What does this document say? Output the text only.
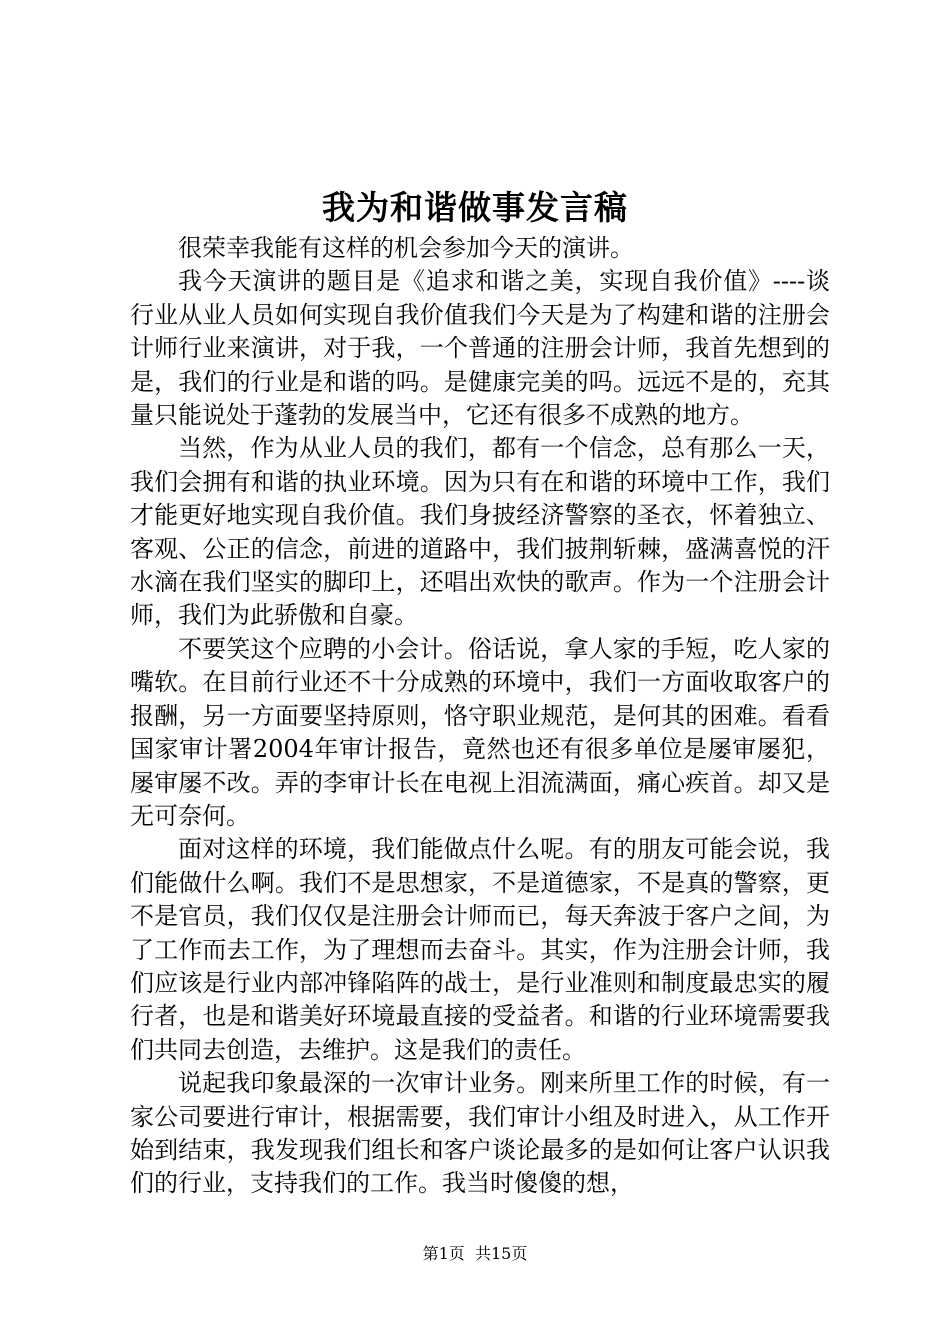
我为和谐做事发言稿

很荣幸我能有这样的机会参加今天的演讲。

我今天演讲的题目是《追求和谐之美，实现自我价值》----谈行业从业人员如何实现自我价值我们今天是为了构建和谐的注册会计师行业来演讲，对于我，一个普通的注册会计师，我首先想到的是，我们的行业是和谐的吗。是健康完美的吗。远远不是的，充其量只能说处于蓬勃的发展当中，它还有很多不成熟的地方。

当然，作为从业人员的我们，都有一个信念，总有那么一天，我们会拥有和谐的执业环境。因为只有在和谐的环境中工作，我们才能更好地实现自我价值。我们身披经济警察的圣衣，怀着独立、客观、公正的信念，前进的道路中，我们披荆斩棘，盛满喜悦的汗水滴在我们坚实的脚印上，还唱出欢快的歌声。作为一个注册会计师，我们为此骄傲和自豪。

不要笑这个应聘的小会计。俗话说，拿人家的手短，吃人家的嘴软。在目前行业还不十分成熟的环境中，我们一方面收取客户的报酬，另一方面要坚持原则，恪守职业规范，是何其的困难。看看国家审计署2004年审计报告，竟然也还有很多单位是屡审屡犯，屡审屡不改。弄的李审计长在电视上泪流满面，痛心疾首。却又是无可奈何。

面对这样的环境，我们能做点什么呢。有的朋友可能会说，我们能做什么啊。我们不是思想家，不是道德家，不是真的警察，更不是官员，我们仅仅是注册会计师而已，每天奔波于客户之间，为了工作而去工作，为了理想而去奋斗。其实，作为注册会计师，我们应该是行业内部冲锋陷阵的战士，是行业准则和制度最忠实的履行者，也是和谐美好环境最直接的受益者。和谐的行业环境需要我们共同去创造，去维护。这是我们的责任。

说起我印象最深的一次审计业务。刚来所里工作的时候，有一家公司要进行审计，根据需要，我们审计小组及时进入，从工作开始到结束，我发现我们组长和客户谈论最多的是如何让客户认识我们的行业，支持我们的工作。我当时傻傻的想，

第1页 共15页
